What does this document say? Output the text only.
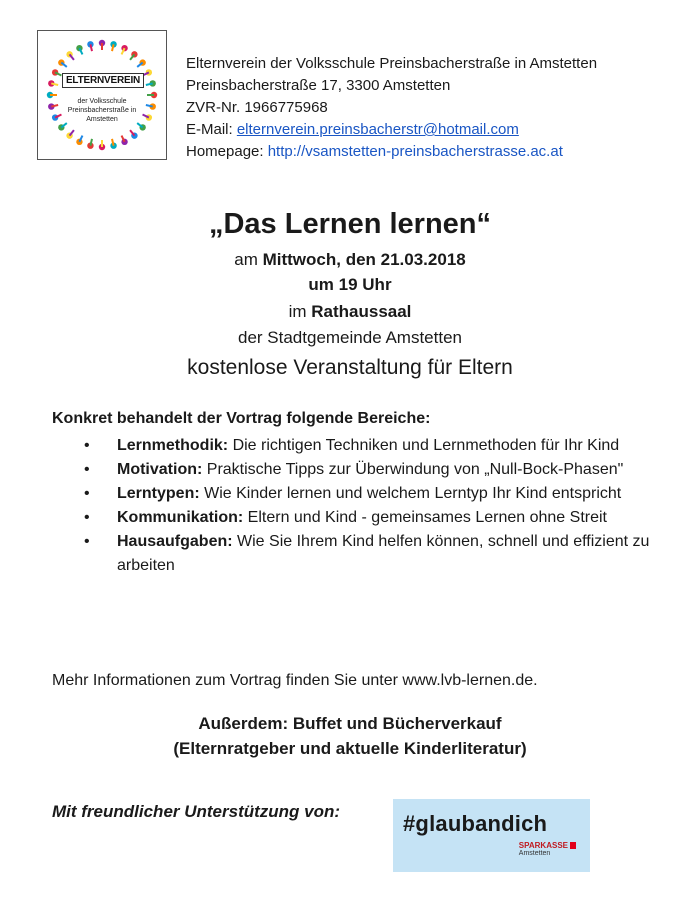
ELTERNVEREIN
der Volksschule Preinsbacherstraße in Amstetten
Elternverein der Volksschule Preinsbacherstraße in Amstetten
Preinsbacherstraße 17, 3300 Amstetten
ZVR-Nr. 1966775968
E-Mail: elternverein.preinsbacherstr@hotmail.com
Homepage: http://vsamstetten-preinsbacherstrasse.ac.at
„Das Lernen lernen“
am Mittwoch, den 21.03.2018
um 19 Uhr
im Rathaussaal
der Stadtgemeinde Amstetten
kostenlose Veranstaltung für Eltern
Konkret behandelt der Vortrag folgende Bereiche:
• Lernmethodik: Die richtigen Techniken und Lernmethoden für Ihr Kind
• Motivation: Praktische Tipps zur Überwindung von „Null-Bock-Phasen"
• Lerntypen: Wie Kinder lernen und welchem Lerntyp Ihr Kind entspricht
• Kommunikation: Eltern und Kind - gemeinsames Lernen ohne Streit
• Hausaufgaben: Wie Sie Ihrem Kind helfen können, schnell und effizient zu arbeiten
Mehr Informationen zum Vortrag finden Sie unter www.lvb-lernen.de.
Außerdem: Buffet und Bücherverkauf
(Elternratgeber und aktuelle Kinderliteratur)
Mit freundlicher Unterstützung von:	#glaubandich
SPARKASSE
Amstetten
